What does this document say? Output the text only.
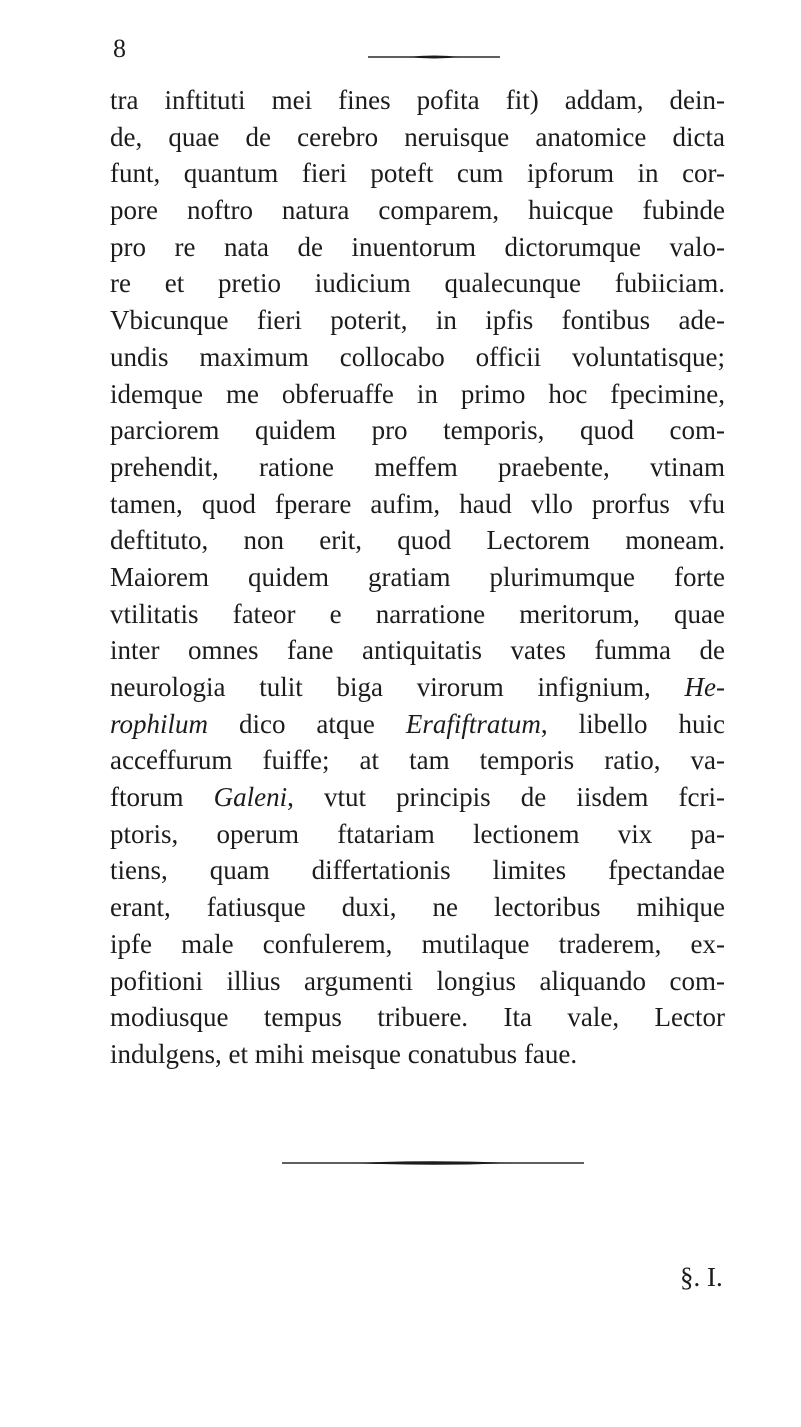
8
tra inftituti mei fines pofita fit) addam, dein-
de, quae de cerebro neruisque anatomice dicta
funt, quantum fieri poteft cum ipforum in cor-
pore noftro natura comparem, huicque fubinde
pro re nata de inuentorum dictorumque valo-
re et pretio iudicium qualecunque fubiiciam.
Vbicunque fieri poterit, in ipfis fontibus ade-
undis maximum collocabo officii voluntatisque;
idemque me obferuaffe in primo hoc fpecimine,
parciorem quidem pro temporis, quod com-
prehendit, ratione meffem praebente, vtinam
tamen, quod fperare aufim, haud vllo prorfus vfu
deftituto, non erit, quod Lectorem moneam.
Maiorem quidem gratiam plurimumque forte
vtilitatis fateor e narratione meritorum, quae
inter omnes fane antiquitatis vates fumma de
neurologia tulit biga virorum infignium, He-
rophilum dico atque Erafiftratum, libello huic
acceffurum fuiffe; at tam temporis ratio, va-
ftorum Galeni, vtut principis de iisdem fcri-
ptoris, operum ftatariam lectionem vix pa-
tiens, quam differtationis limites fpectandae
erant, fatiusque duxi, ne lectoribus mihique
ipfe male confulerem, mutilaque traderem, ex-
pofitioni illius argumenti longius aliquando com-
modiusque tempus tribuere. Ita vale, Lector
indulgens, et mihi meisque conatubus faue.
§. I.
